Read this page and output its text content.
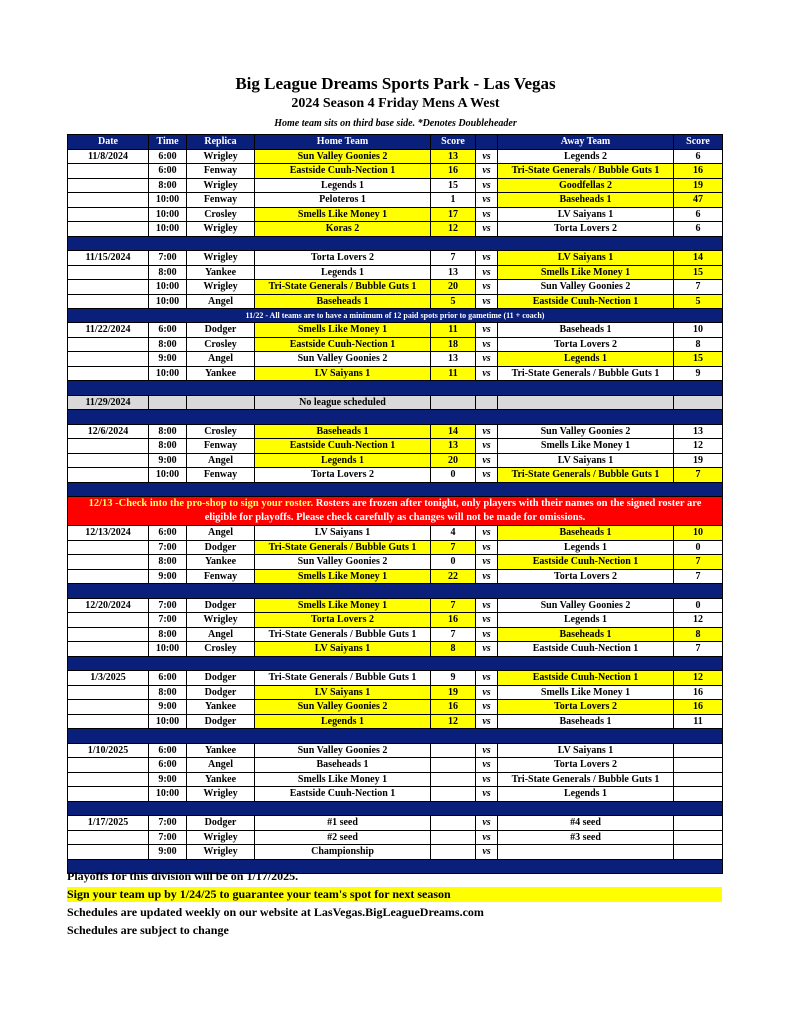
Big League Dreams Sports Park - Las Vegas
2024 Season 4 Friday Mens A West
Home team sits on third base side. *Denotes Doubleheader
Date	Time	Replica	Home Team	Score		Away Team	Score
11/8/2024	6:00	Wrigley	Sun Valley Goonies 2	13	vs	Legends 2	6
	6:00	Fenway	Eastside Cuuh-Nection 1	16	vs	Tri-State Generals / Bubble Guts 1	16
	8:00	Wrigley	Legends 1	15	vs	Goodfellas 2	19
	10:00	Fenway	Peloteros 1	1	vs	Baseheads 1	47
	10:00	Crosley	Smells Like Money 1	17	vs	LV Saiyans 1	6
	10:00	Wrigley	Koras 2	12	vs	Torta Lovers 2	6

11/15/2024	7:00	Wrigley	Torta Lovers 2	7	vs	LV Saiyans 1	14
	8:00	Yankee	Legends 1	13	vs	Smells Like Money 1	15
	10:00	Wrigley	Tri-State Generals / Bubble Guts 1	20	vs	Sun Valley Goonies 2	7
	10:00	Angel	Baseheads 1	5	vs	Eastside Cuuh-Nection 1	5
11/22 - All teams are to have a minimum of 12 paid spots prior to gametime (11 + coach)							
11/22/2024	6:00	Dodger	Smells Like Money 1	11	vs	Baseheads 1	10
	8:00	Crosley	Eastside Cuuh-Nection 1	18	vs	Torta Lovers 2	8
	9:00	Angel	Sun Valley Goonies 2	13	vs	Legends 1	15
	10:00	Yankee	LV Saiyans 1	11	vs	Tri-State Generals / Bubble Guts 1	9

11/29/2024			No league scheduled				

12/6/2024	8:00	Crosley	Baseheads 1	14	vs	Sun Valley Goonies 2	13
	8:00	Fenway	Eastside Cuuh-Nection 1	13	vs	Smells Like Money 1	12
	9:00	Angel	Legends 1	20	vs	LV Saiyans 1	19
	10:00	Fenway	Torta Lovers 2	0	vs	Tri-State Generals / Bubble Guts 1	7

12/13 -Check into the pro-shop to sign your roster. Rosters are frozen after tonight, only players with their names on the signed roster are eligible for playoffs. Please check carefully as changes will not be made for omissions.							
12/13/2024	6:00	Angel	LV Saiyans 1	4	vs	Baseheads 1	10
	7:00	Dodger	Tri-State Generals / Bubble Guts 1	7	vs	Legends 1	0
	8:00	Yankee	Sun Valley Goonies 2	0	vs	Eastside Cuuh-Nection 1	7
	9:00	Fenway	Smells Like Money 1	22	vs	Torta Lovers 2	7

12/20/2024	7:00	Dodger	Smells Like Money 1	7	vs	Sun Valley Goonies 2	0
	7:00	Wrigley	Torta Lovers 2	16	vs	Legends 1	12
	8:00	Angel	Tri-State Generals / Bubble Guts 1	7	vs	Baseheads 1	8
	10:00	Crosley	LV Saiyans 1	8	vs	Eastside Cuuh-Nection 1	7

1/3/2025	6:00	Dodger	Tri-State Generals / Bubble Guts 1	9	vs	Eastside Cuuh-Nection 1	12
	8:00	Dodger	LV Saiyans 1	19	vs	Smells Like Money 1	16
	9:00	Yankee	Sun Valley Goonies 2	16	vs	Torta Lovers 2	16
	10:00	Dodger	Legends 1	12	vs	Baseheads 1	11

1/10/2025	6:00	Yankee	Sun Valley Goonies 2		vs	LV Saiyans 1	
	6:00	Angel	Baseheads 1		vs	Torta Lovers 2	
	9:00	Yankee	Smells Like Money 1		vs	Tri-State Generals / Bubble Guts 1	
	10:00	Wrigley	Eastside Cuuh-Nection 1		vs	Legends 1	

1/17/2025	7:00	Dodger	#1 seed		vs	#4 seed	
	7:00	Wrigley	#2 seed		vs	#3 seed	
	9:00	Wrigley	Championship		vs		

Playoffs for this division will be on 1/17/2025.
Sign your team up by 1/24/25 to guarantee your team's spot for next season
Schedules are updated weekly on our website at LasVegas.BigLeagueDreams.com
Schedules are subject to change
